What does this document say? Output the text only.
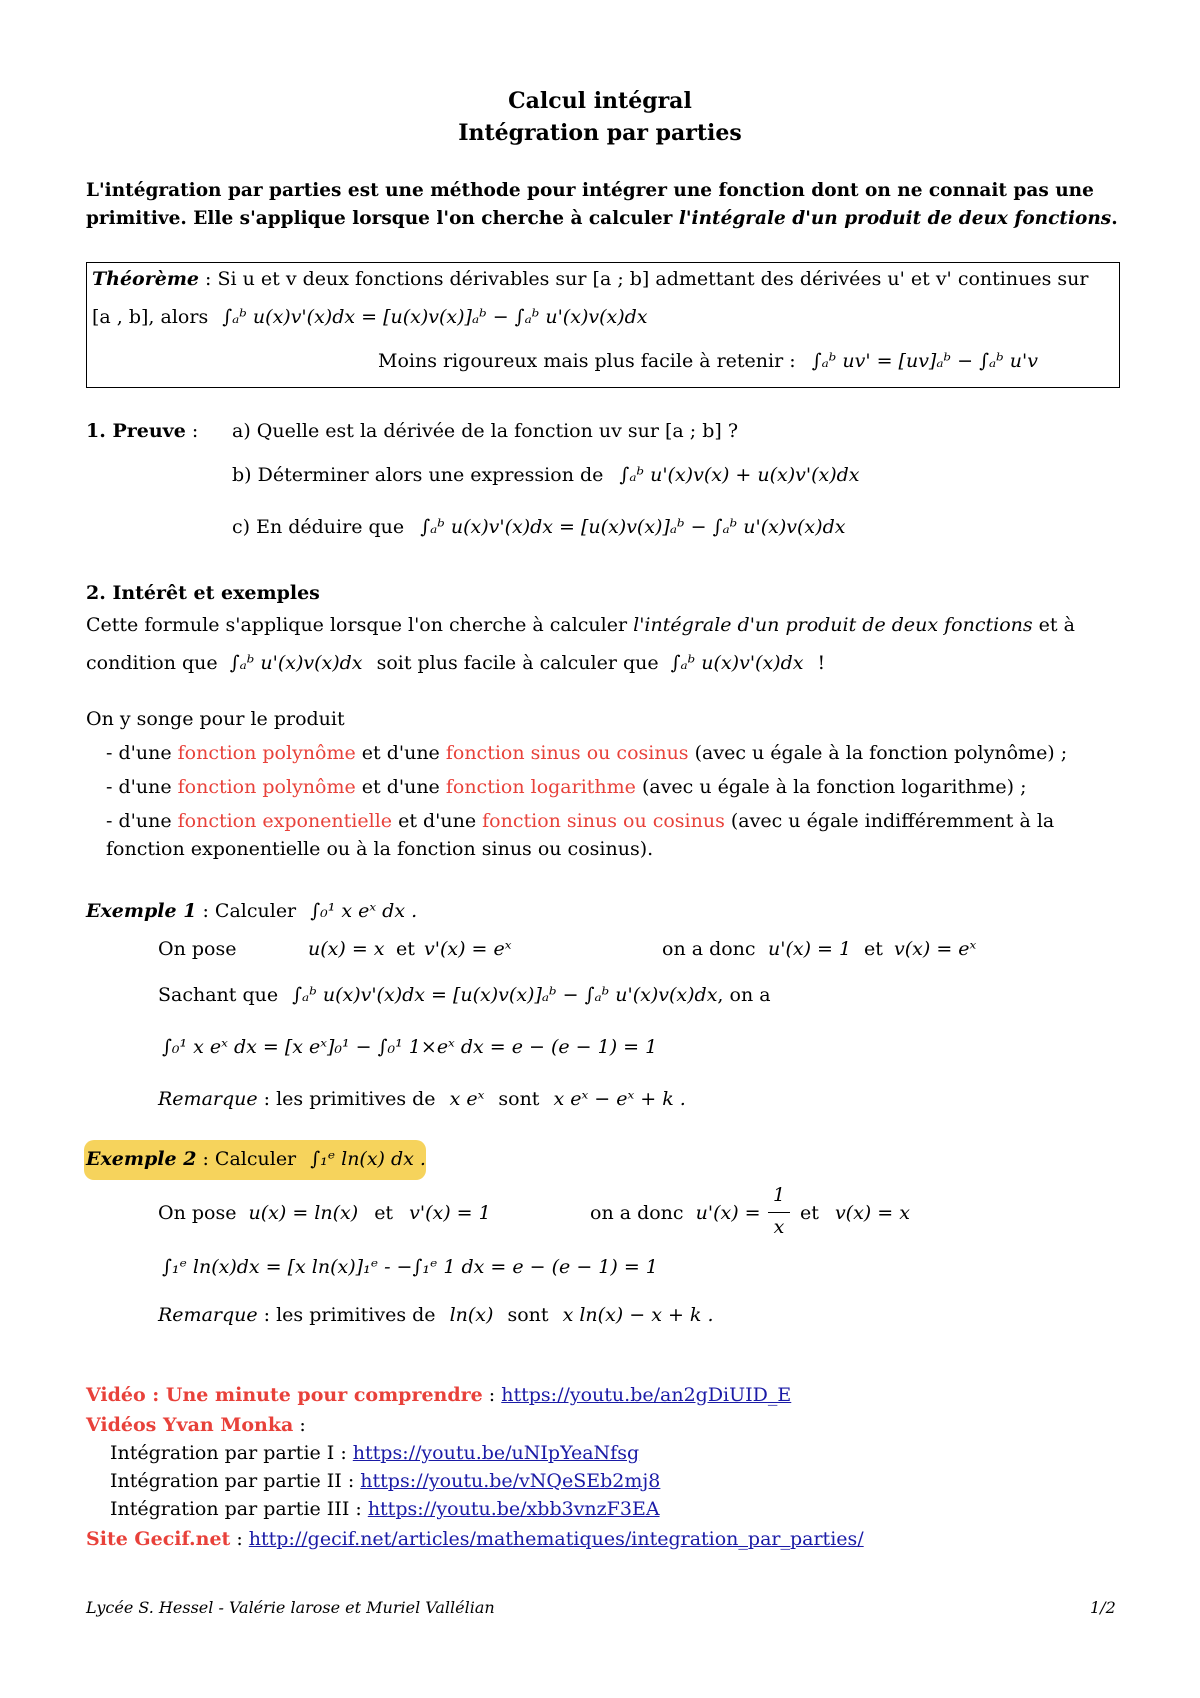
Calcul intégral
Intégration par parties
L'intégration par parties est une méthode pour intégrer une fonction dont on ne connait pas une
primitive. Elle s'applique lorsque l'on cherche à calculer l'intégrale d'un produit de deux fonctions.
Théorème : Si u et v deux fonctions dérivables sur [a ; b] admettant des dérivées u' et v' continues sur
[a , b], alors ∫ₐᵇ u(x)v'(x)dx = [u(x)v(x)]ₐᵇ − ∫ₐᵇ u'(x)v(x)dx
Moins rigoureux mais plus facile à retenir : ∫ₐᵇ uv' = [uv]ₐᵇ − ∫ₐᵇ u'v
1. Preuve : a) Quelle est la dérivée de la fonction uv sur [a ; b] ?
b) Déterminer alors une expression de ∫ₐᵇ u'(x)v(x) + u(x)v'(x)dx
c) En déduire que ∫ₐᵇ u(x)v'(x)dx = [u(x)v(x)]ₐᵇ − ∫ₐᵇ u'(x)v(x)dx
2. Intérêt et exemples
Cette formule s'applique lorsque l'on cherche à calculer l'intégrale d'un produit de deux fonctions et à
condition que ∫ₐᵇ u'(x)v(x)dx soit plus facile à calculer que ∫ₐᵇ u(x)v'(x)dx !
On y songe pour le produit
- d'une fonction polynôme et d'une fonction sinus ou cosinus (avec u égale à la fonction polynôme) ;
- d'une fonction polynôme et d'une fonction logarithme (avec u égale à la fonction logarithme) ;
- d'une fonction exponentielle et d'une fonction sinus ou cosinus (avec u égale indifféremment à la
fonction exponentielle ou à la fonction sinus ou cosinus).
Exemple 1 : Calculer ∫₀¹ x eˣ dx .
On pose	u(x) = x et v'(x) = eˣ	on a donc u'(x) = 1 et v(x) = eˣ
Sachant que ∫ₐᵇ u(x)v'(x)dx = [u(x)v(x)]ₐᵇ − ∫ₐᵇ u'(x)v(x)dx, on a
∫₀¹ x eˣ dx = [x eˣ]₀¹ − ∫₀¹ 1×eˣ dx = e − (e − 1) = 1
Remarque : les primitives de x eˣ sont x eˣ − eˣ + k .
Exemple 2 : Calculer ∫₁ᵉ ln(x) dx .
On pose u(x) = ln(x) et v'(x) = 1	on a donc u'(x) =
1
x
et v(x) = x
∫₁ᵉ ln(x)dx = [x ln(x)]₁ᵉ - −∫₁ᵉ 1 dx = e − (e − 1) = 1
Remarque : les primitives de ln(x) sont x ln(x) − x + k .
Vidéo : Une minute pour comprendre : https://youtu.be/an2gDiUID_E
Vidéos Yvan Monka :
Intégration par partie I : https://youtu.be/uNIpYeaNfsg
Intégration par partie II : https://youtu.be/vNQeSEb2mj8
Intégration par partie III : https://youtu.be/xbb3vnzF3EA
Site Gecif.net : http://gecif.net/articles/mathematiques/integration_par_parties/
Lycée S. Hessel - Valérie larose et Muriel Vallélian	1/2
